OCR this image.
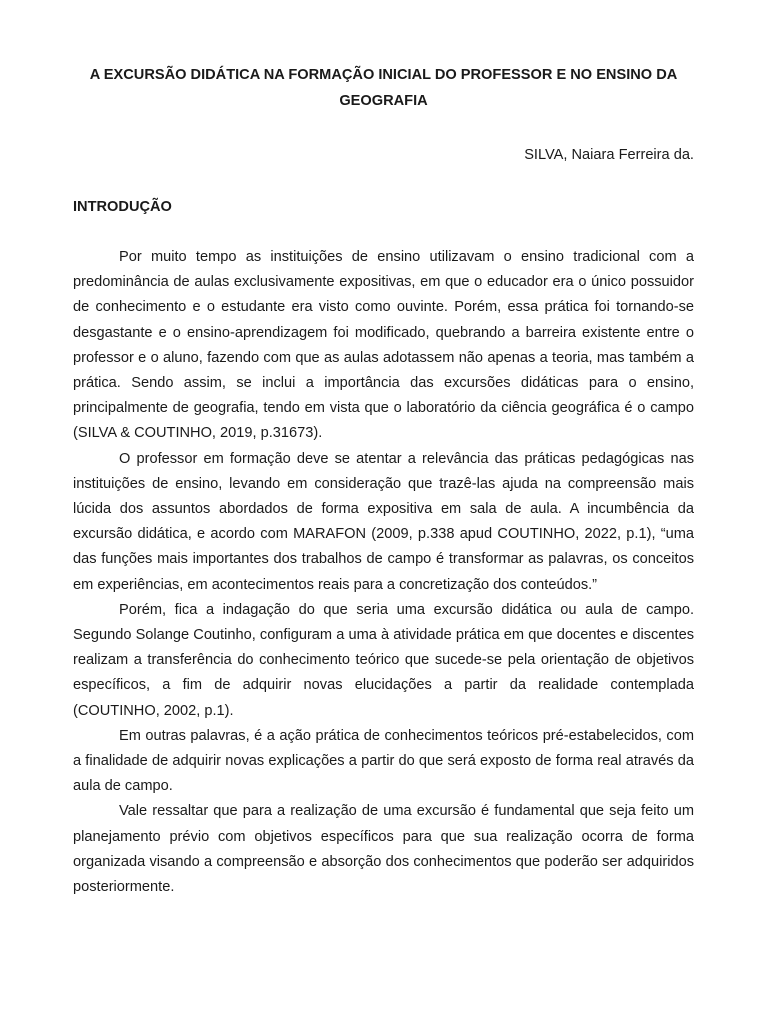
A EXCURSÃO DIDÁTICA NA FORMAÇÃO INICIAL DO PROFESSOR E NO ENSINO DA GEOGRAFIA

SILVA, Naiara Ferreira da.

INTRODUÇÃO

Por muito tempo as instituições de ensino utilizavam o ensino tradicional com a predominância de aulas exclusivamente expositivas, em que o educador era o único possuidor de conhecimento e o estudante era visto como ouvinte. Porém, essa prática foi tornando-se desgastante e o ensino-aprendizagem foi modificado, quebrando a barreira existente entre o professor e o aluno, fazendo com que as aulas adotassem não apenas a teoria, mas também a prática. Sendo assim, se inclui a importância das excursões didáticas para o ensino, principalmente de geografia, tendo em vista que o laboratório da ciência geográfica é o campo (SILVA & COUTINHO, 2019, p.31673).

O professor em formação deve se atentar a relevância das práticas pedagógicas nas instituições de ensino, levando em consideração que trazê-las ajuda na compreensão mais lúcida dos assuntos abordados de forma expositiva em sala de aula. A incumbência da excursão didática, e acordo com MARAFON (2009, p.338 apud COUTINHO, 2022, p.1), “uma das funções mais importantes dos trabalhos de campo é transformar as palavras, os conceitos em experiências, em acontecimentos reais para a concretização dos conteúdos.”

Porém, fica a indagação do que seria uma excursão didática ou aula de campo. Segundo Solange Coutinho, configuram a uma à atividade prática em que docentes e discentes realizam a transferência do conhecimento teórico que sucede-se pela orientação de objetivos específicos, a fim de adquirir novas elucidações a partir da realidade contemplada (COUTINHO, 2002, p.1).

Em outras palavras, é a ação prática de conhecimentos teóricos pré-estabelecidos, com a finalidade de adquirir novas explicações a partir do que será exposto de forma real através da aula de campo.

Vale ressaltar que para a realização de uma excursão é fundamental que seja feito um planejamento prévio com objetivos específicos para que sua realização ocorra de forma organizada visando a compreensão e absorção dos conhecimentos que poderão ser adquiridos posteriormente.
